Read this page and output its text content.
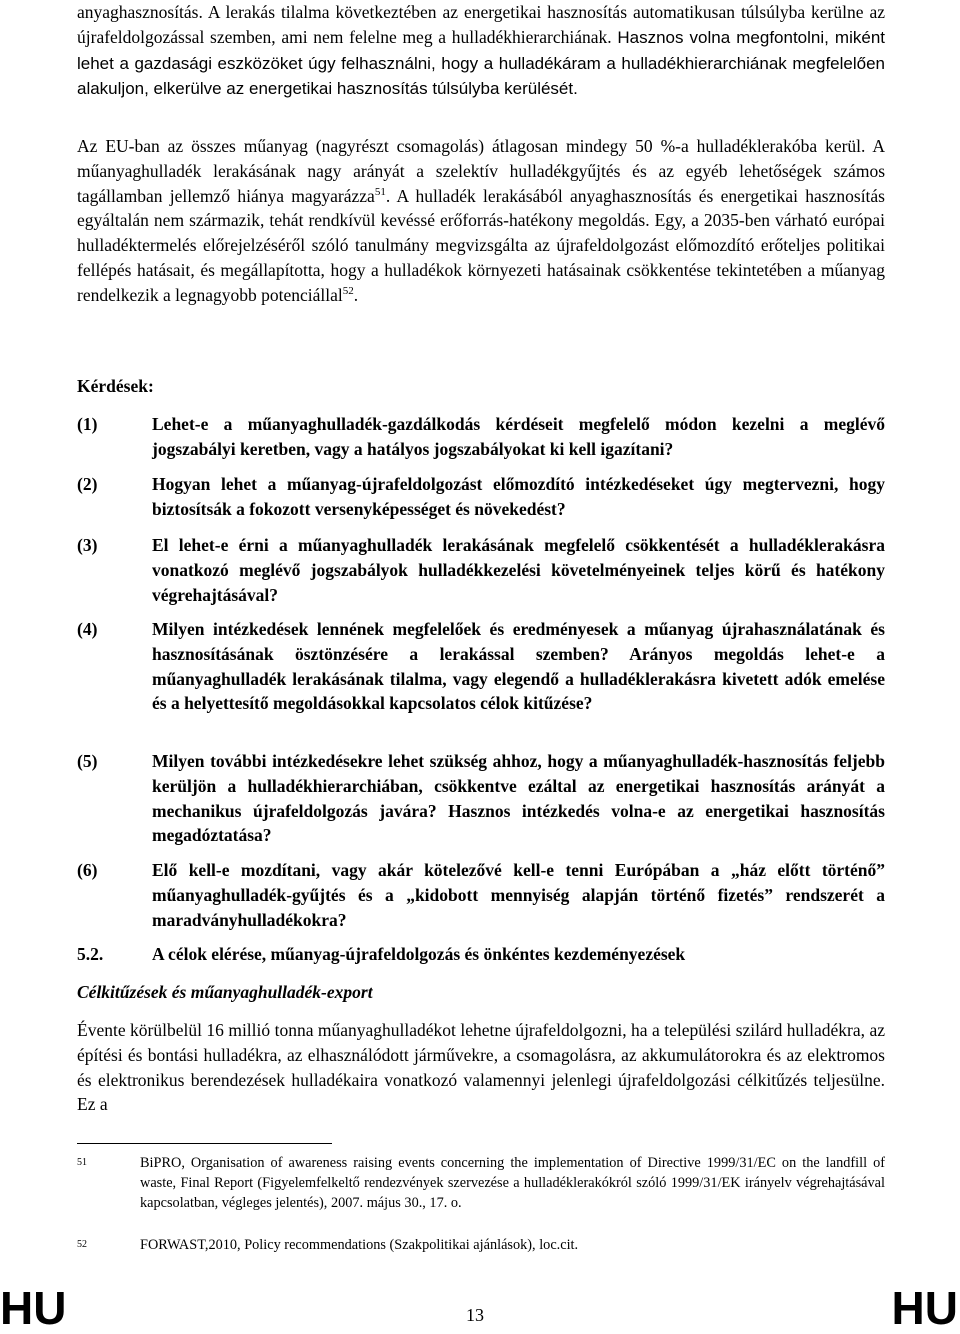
anyaghasznosítás. A lerakás tilalma következtében az energetikai hasznosítás automatikusan túlsúlyba kerülne az újrafeldolgozással szemben, ami nem felelne meg a hulladékhierarchiának. Hasznos volna megfontolni, miként lehet a gazdasági eszközöket úgy felhasználni, hogy a hulladékáram a hulladékhierarchiának megfelelően alakuljon, elkerülve az energetikai hasznosítás túlsúlyba kerülését.

Az EU-ban az összes műanyag (nagyrészt csomagolás) átlagosan mindegy 50 %-a hulladéklerakóba kerül. A műanyaghulladék lerakásának nagy arányát a szelektív hulladékgyűjtés és az egyéb lehetőségek számos tagállamban jellemző hiánya magyarázza$^{51}$. A hulladék lerakásából anyaghasznosítás és energetikai hasznosítás egyáltalán nem származik, tehát rendkívül kevéssé erőforrás-hatékony megoldás. Egy, a 2035-ben várható európai hulladéktermelés előrejelzéséről szóló tanulmány megvizsgálta az újrafeldolgozást előmozdító erőteljes politikai fellépés hatásait, és megállapította, hogy a hulladékok környezeti hatásainak csökkentése tekintetében a műanyag rendelkezik a legnagyobb potenciállal$^{52}$.

Kérdések:

(1)	Lehet-e a műanyaghulladék-gazdálkodás kérdéseit megfelelő módon kezelni a meglévő jogszabályi keretben, vagy a hatályos jogszabályokat ki kell igazítani?
(2)	Hogyan lehet a műanyag-újrafeldolgozást előmozdító intézkedéseket úgy megtervezni, hogy biztosítsák a fokozott versenyképességet és növekedést?
(3)	El lehet-e érni a műanyaghulladék lerakásának megfelelő csökkentését a hulladéklerakásra vonatkozó meglévő jogszabályok hulladékkezelési követelményeinek teljes körű és hatékony végrehajtásával?
(4)	Milyen intézkedések lennének megfelelőek és eredményesek a műanyag újrahasználatának és hasznosításának ösztönzésére a lerakással szemben? Arányos megoldás lehet-e a műanyaghulladék lerakásának tilalma, vagy elegendő a hulladéklerakásra kivetett adók emelése és a helyettesítő megoldásokkal kapcsolatos célok kitűzése?
(5)	Milyen további intézkedésekre lehet szükség ahhoz, hogy a műanyaghulladék-hasznosítás feljebb kerüljön a hulladékhierarchiában, csökkentve ezáltal az energetikai hasznosítás arányát a mechanikus újrafeldolgozás javára? Hasznos intézkedés volna-e az energetikai hasznosítás megadóztatása?
(6)	Elő kell-e mozdítani, vagy akár kötelezővé kell-e tenni Európában a „ház előtt történő” műanyaghulladék-gyűjtés és a „kidobott mennyiség alapján történő fizetés” rendszerét a maradványhulladékokra?
5.2.	A célok elérése, műanyag-újrafeldolgozás és önkéntes kezdeményezések

Célkitűzések és műanyaghulladék-export

Évente körülbelül 16 millió tonna műanyaghulladékot lehetne újrafeldolgozni, ha a települési szilárd hulladékra, az építési és bontási hulladékra, az elhasználódott járművekre, a csomagolásra, az akkumulátorokra és az elektromos és elektronikus berendezések hulladékaira vonatkozó valamennyi jelenlegi újrafeldolgozási célkitűzés teljesülne. Ez a

51	BiPRO, Organisation of awareness raising events concerning the implementation of Directive 1999/31/EC on the landfill of waste, Final Report (Figyelemfelkeltő rendezvények szervezése a hulladéklerakókról szóló 1999/31/EK irányelv végrehajtásával kapcsolatban, végleges jelentés), 2007. május 30., 17. o.
52	FORWAST,2010, Policy recommendations (Szakpolitikai ajánlások), loc.cit.
HU	13	HU
